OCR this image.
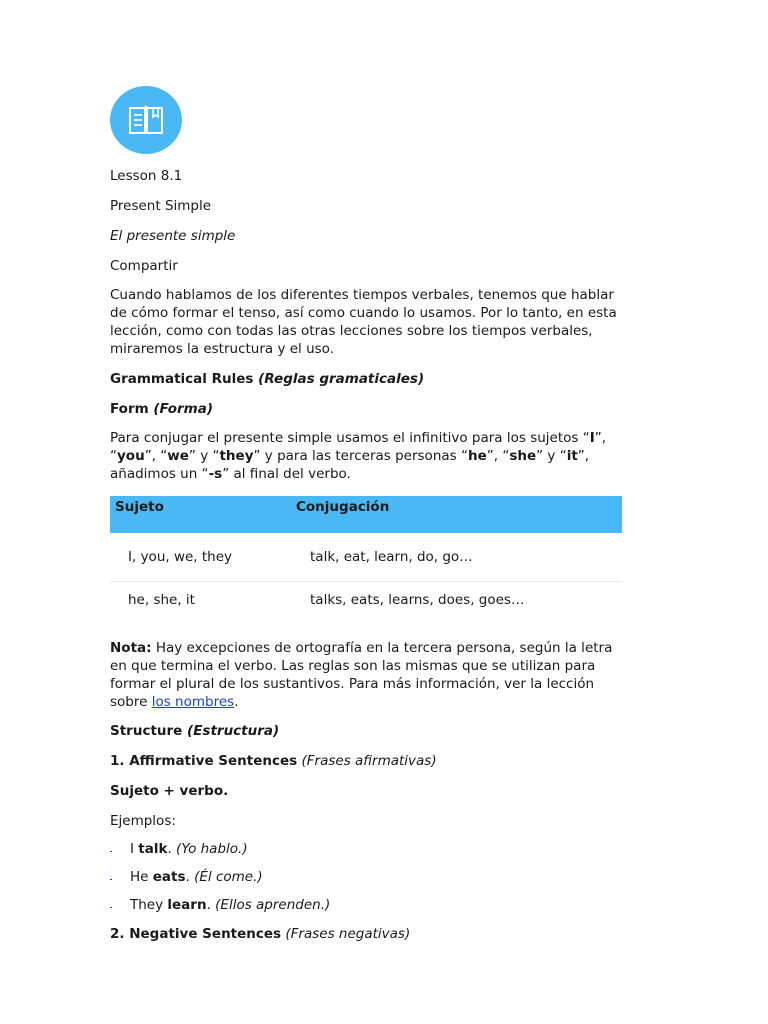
Lesson 8.1

Present Simple

El presente simple

Compartir

Cuando hablamos de los diferentes tiempos verbales, tenemos que hablar de cómo formar el tenso, así como cuando lo usamos. Por lo tanto, en esta lección, como con todas las otras lecciones sobre los tiempos verbales, miraremos la estructura y el uso.

Grammatical Rules (Reglas gramaticales)

Form (Forma)

Para conjugar el presente simple usamos el infinitivo para los sujetos “I”, “you”, “we” y “they” y para las terceras personas “he”, “she” y “it”, añadimos un “-s” al final del verbo.

Sujeto	Conjugación
I, you, we, they	talk, eat, learn, do, go…
he, she, it	talks, eats, learns, does, goes…

Nota: Hay excepciones de ortografía en la tercera persona, según la letra en que termina el verbo. Las reglas son las mismas que se utilizan para formar el plural de los sustantivos. Para más información, ver la lección sobre los nombres.

Structure (Estructura)

1. Affirmative Sentences (Frases afirmativas)

Sujeto + verbo.

Ejemplos:

I talk. (Yo hablo.)
He eats. (Él come.)
They learn. (Ellos aprenden.)

2. Negative Sentences (Frases negativas)
